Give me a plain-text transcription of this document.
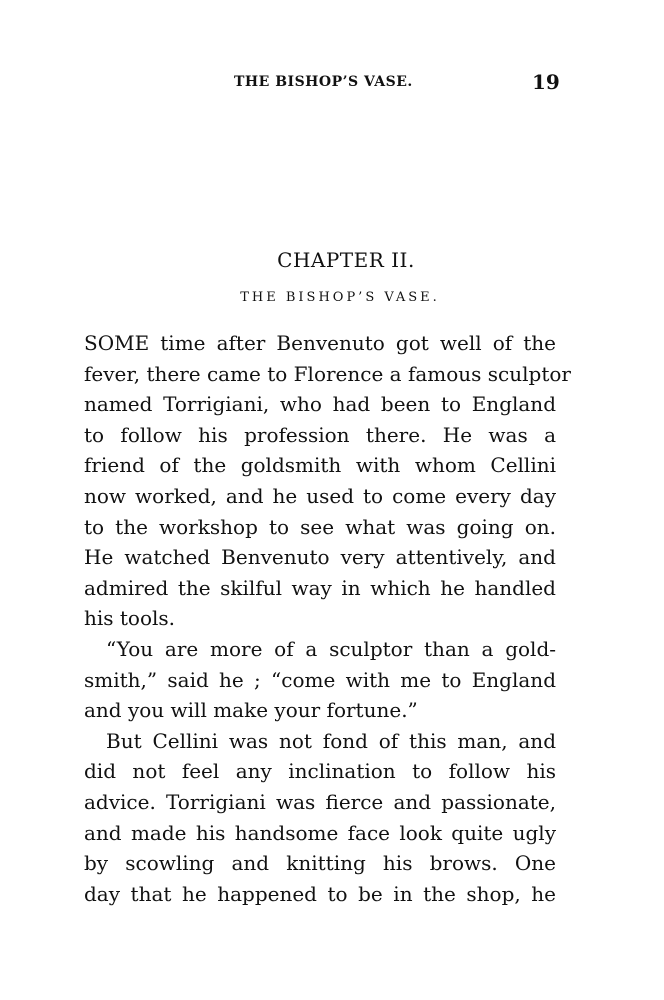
THE BISHOP’S VASE.	19
CHAPTER II.
THE BISHOP’S VASE.
SOME time after Benvenuto got well of the
fever, there came to Florence a famous sculptor
named Torrigiani, who had been to England
to follow his profession there. He was a
friend of the goldsmith with whom Cellini
now worked, and he used to come every day
to the workshop to see what was going on.
He watched Benvenuto very attentively, and
admired the skilful way in which he handled
his tools.
“You are more of a sculptor than a gold-
smith,” said he ; “come with me to England
and you will make your fortune.”
But Cellini was not fond of this man, and
did not feel any inclination to follow his
advice. Torrigiani was fierce and passionate,
and made his handsome face look quite ugly
by scowling and knitting his brows. One
day that he happened to be in the shop, he
